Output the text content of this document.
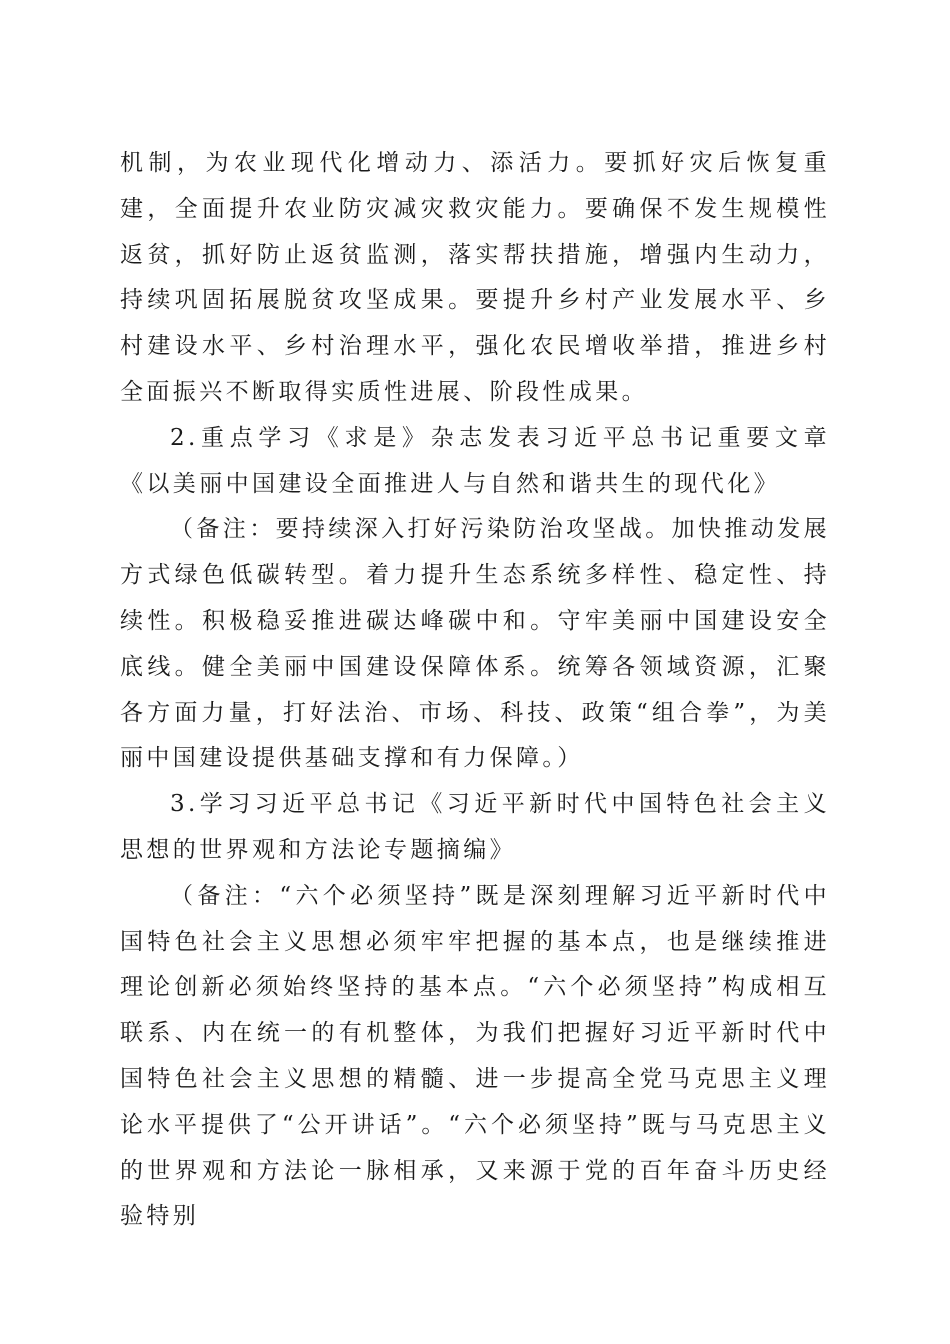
机制，为农业现代化增动力、添活力。要抓好灾后恢复重建，全面提升农业防灾减灾救灾能力。要确保不发生规模性返贫，抓好防止返贫监测，落实帮扶措施，增强内生动力，持续巩固拓展脱贫攻坚成果。要提升乡村产业发展水平、乡村建设水平、乡村治理水平，强化农民增收举措，推进乡村全面振兴不断取得实质性进展、阶段性成果。

2.重点学习《求是》杂志发表习近平总书记重要文章《以美丽中国建设全面推进人与自然和谐共生的现代化》

（备注：要持续深入打好污染防治攻坚战。加快推动发展方式绿色低碳转型。着力提升生态系统多样性、稳定性、持续性。积极稳妥推进碳达峰碳中和。守牢美丽中国建设安全底线。健全美丽中国建设保障体系。统筹各领域资源，汇聚各方面力量，打好法治、市场、科技、政策“组合拳”，为美丽中国建设提供基础支撑和有力保障。）

3.学习习近平总书记《习近平新时代中国特色社会主义思想的世界观和方法论专题摘编》

（备注：“六个必须坚持”既是深刻理解习近平新时代中国特色社会主义思想必须牢牢把握的基本点，也是继续推进理论创新必须始终坚持的基本点。“六个必须坚持”构成相互联系、内在统一的有机整体，为我们把握好习近平新时代中国特色社会主义思想的精髓、进一步提高全党马克思主义理论水平提供了“公开讲话”。“六个必须坚持”既与马克思主义的世界观和方法论一脉相承，又来源于党的百年奋斗历史经验特别
